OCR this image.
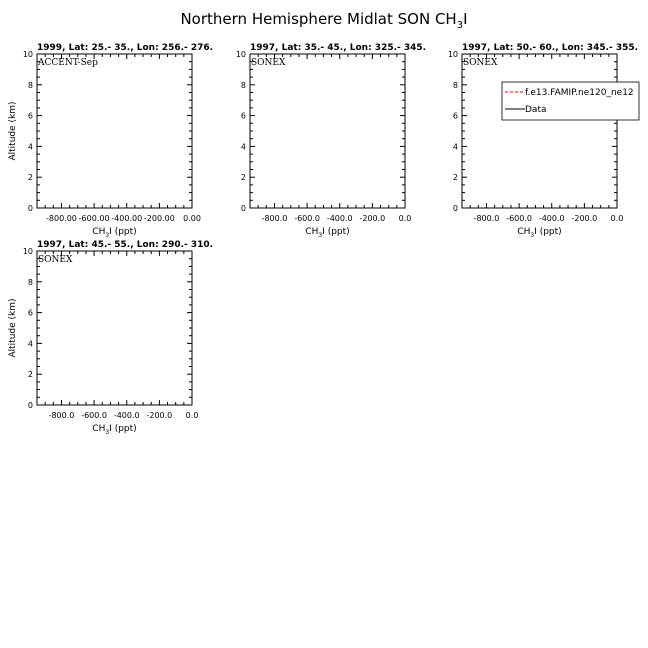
Northern Hemisphere Midlat SON $CH_3I$
1999, Lat: 25.- 35., Lon: 256.- 276.
ACCENT-Sep
0
2
4
6
8
10
-800.00 -600.00 -400.00 -200.00 0.00
$CH_3I$ (ppt)
Altitude (km)
1997, Lat: 35.- 45., Lon: 325.- 345.
SONEX
0
2
4
6
8
10
-800.0 -600.0 -400.0 -200.0 0.0
$CH_3I$ (ppt)
1997, Lat: 50.- 60., Lon: 345.- 355.
SONEX
0
2
4
6
8
10
-800.0 -600.0 -400.0 -200.0 0.0
$CH_3I$ (ppt)
f.e13.FAMIP.ne120_ne12
Data
1997, Lat: 45.- 55., Lon: 290.- 310.
SONEX
0
2
4
6
8
10
-800.0 -600.0 -400.0 -200.0 0.0
$CH_3I$ (ppt)
Altitude (km)
